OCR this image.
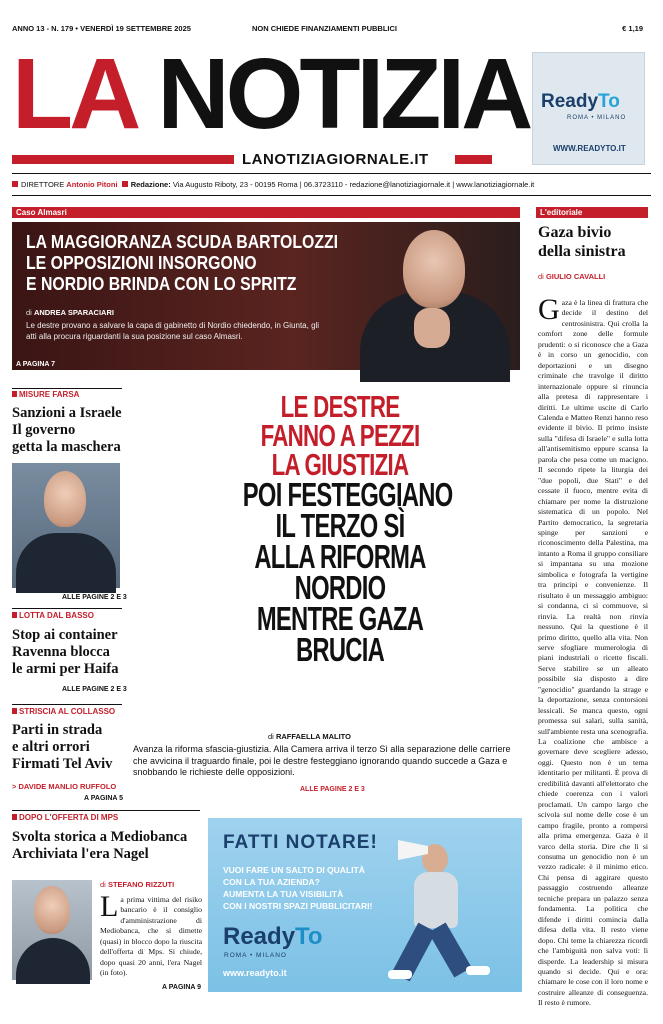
ANNO 13 - N. 179 • VENERDÌ 19 SETTEMBRE 2025	NON CHIEDE FINANZIAMENTI PUBBLICI	€ 1,19
LA NOTIZIA
LANOTIZIAGIORNALE.IT
ReadyTo
ROMA • MILANO
WWW.READYTO.IT
DIRETTORE Antonio Pitoni Redazione: Via Augusto Riboty, 23 - 00195 Roma | 06.3723110 - redazione@lanotiziagiornale.it | www.lanotiziagiornale.it
Caso Almasri
LA MAGGIORANZA SCUDA BARTOLOZZI
LE OPPOSIZIONI INSORGONO
E NORDIO BRINDA CON LO SPRITZ
di ANDREA SPARACIARI
Le destre provano a salvare la capa di gabinetto di Nordio chiedendo, in Giunta, gli atti alla procura riguardanti la sua posizione sul caso Almasri.
A PAGINA 7
MISURE FARSA
Sanzioni a Israele
Il governo
getta la maschera
ALLE PAGINE 2 E 3
LOTTA DAL BASSO
Stop ai container
Ravenna blocca
le armi per Haifa
ALLE PAGINE 2 E 3
STRISCIA AL COLLASSO
Parti in strada
e altri orrori
Firmati Tel Aviv
> DAVIDE MANLIO RUFFOLO
A PAGINA 5
LE DESTRE
FANNO A PEZZI
LA GIUSTIZIA
POI FESTEGGIANO
IL TERZO SÌ
ALLA RIFORMA
NORDIO
MENTRE GAZA
BRUCIA
di RAFFAELLA MALITO
Avanza la riforma sfascia-giustizia. Alla Camera arriva il terzo Sì alla separazione delle carriere che avvicina il traguardo finale, poi le destre festeggiano ignorando quando succede a Gaza e snobbando le richieste delle opposizioni.
ALLE PAGINE 2 E 3
L'editoriale
Gaza bivio
della sinistra
di GIULIO CAVALLI

Gaza è la linea di frattura che decide il destino del centrosinistra. Qui crolla la comfort zone delle formule prudenti: o si riconosce che a Gaza è in corso un genocidio, con deportazioni e un disegno criminale che travolge il diritto internazionale oppure si rinuncia alla pretesa di rappresentare i diritti. Le ultime uscite di Carlo Calenda e Matteo Renzi hanno reso evidente il bivio. Il primo insiste sulla "difesa di Israele" e sulla lotta all'antisemitismo eppure scansa la parola che pesa come un macigno. Il secondo ripete la liturgia dei "due popoli, due Stati" e del cessate il fuoco, mentre evita di chiamare per nome la distruzione sistematica di un popolo. Nel Partito democratico, la segretaria spinge per sanzioni e riconoscimento della Palestina, ma intanto a Roma il gruppo consiliare si impantana su una mozione simbolica e fotografa la vertigine tra principi e convenienze. Il risultato è un messaggio ambiguo: si condanna, ci si commuove, si rinvia. La realtà non rinvia nessuno. Qui la questione è il primo diritto, quello alla vita. Non serve sfogliare mumerologia di piani industriali o ricette fiscali. Serve stabilire se un alleato possibile sia disposto a dire "genocidio" guardando la strage e la deportazione, senza contorsioni lessicali. Se manca questo, ogni promessa sui salari, sulla sanità, sull'ambiente resta una scenografia. La coalizione che ambisce a governare deve scegliere adesso, oggi. Questo non è un tema identitario per militanti. È prova di credibilità davanti all'elettorato che chiede coerenza con i valori proclamati. Un campo largo che scivola sul nome delle cose è un campo fragile, pronto a rompersi alla prima emergenza. Gaza è il varco della storia. Dire che lì si consuma un genocidio non è un vezzo radicale: è il minimo etico. Chi pensa di aggirare questo passaggio costruendo alleanze tecniche prepara un palazzo senza fondamenta. La politica che difende i diritti comincia dalla difesa della vita. Il resto viene dopo. Chi teme la chiarezza ricordi che l'ambiguità non salva voti: li disperde. La leadership si misura quando si decide. Qui e ora: chiamare le cose con il loro nome e costruire alleanze di conseguenza. Il resto è rumore.

DOPO L'OFFERTA DI MPS
Svolta storica a Mediobanca
Archiviata l'era Nagel
di STEFANO RIZZUTI

La prima vittima del risiko bancario è il consiglio d'amministrazione di Mediobanca, che si dimette (quasi) in blocco dopo la riuscita dell'offerta di Mps. Si chiude, dopo quasi 20 anni, l'era Nagel (in foto).

A PAGINA 9
FATTI NOTARE!
VUOI FARE UN SALTO DI QUALITÀ
CON LA TUA AZIENDA?
AUMENTA LA TUA VISIBILITÀ
CON I NOSTRI SPAZI PUBBLICITARI!
ReadyTo
ROMA • MILANO
www.readyto.it
